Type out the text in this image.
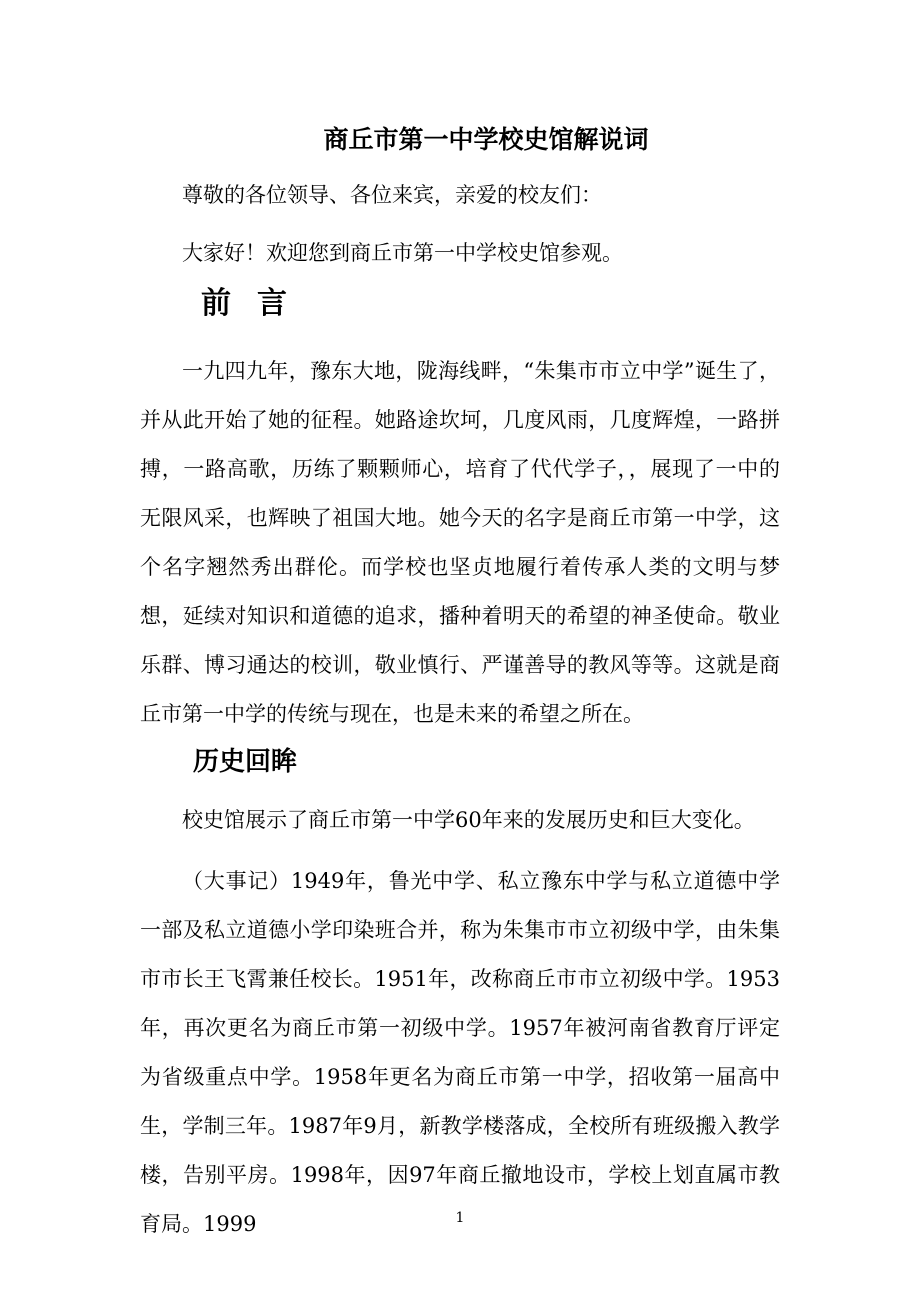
商丘市第一中学校史馆解说词
尊敬的各位领导、各位来宾，亲爱的校友们：
大家好！欢迎您到商丘市第一中学校史馆参观。
前言
一九四九年，豫东大地，陇海线畔，“朱集市市立中学”诞生了，并从此开始了她的征程。她路途坎坷，几度风雨，几度辉煌，一路拼搏，一路高歌，历练了颗颗师心，培育了代代学子，，展现了一中的无限风采，也辉映了祖国大地。她今天的名字是商丘市第一中学，这个名字翘然秀出群伦。而学校也坚贞地履行着传承人类的文明与梦想，延续对知识和道德的追求，播种着明天的希望的神圣使命。敬业乐群、博习通达的校训，敬业慎行、严谨善导的教风等等。这就是商丘市第一中学的传统与现在，也是未来的希望之所在。
历史回眸
校史馆展示了商丘市第一中学60年来的发展历史和巨大变化。
（大事记）1949年，鲁光中学、私立豫东中学与私立道德中学一部及私立道德小学印染班合并，称为朱集市市立初级中学，由朱集市市长王飞霄兼任校长。1951年，改称商丘市市立初级中学。1953年，再次更名为商丘市第一初级中学。1957年被河南省教育厅评定为省级重点中学。1958年更名为商丘市第一中学，招收第一届高中生，学制三年。1987年9月，新教学楼落成，全校所有班级搬入教学楼，告别平房。1998年，因97年商丘撤地设市，学校上划直属市教育局。1999	1
